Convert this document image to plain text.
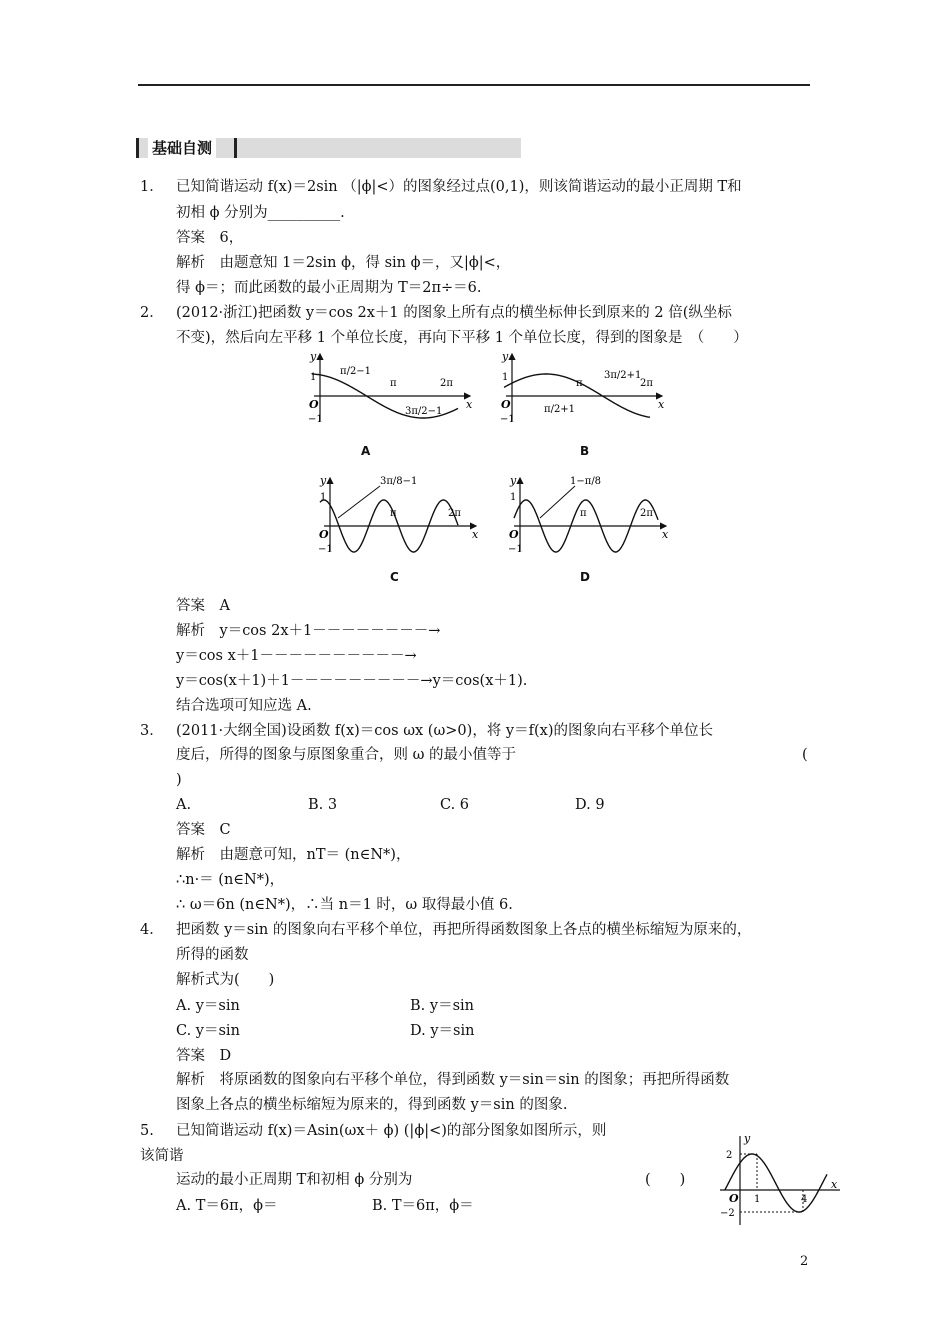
基础自测
1． 已知简谐运动 f(x)＝2sin （|ϕ|<）的图象经过点(0,1)，则该简谐运动的最小正周期 T和
初相 ϕ 分别为__________.
答案　6，
解析　由题意知 1＝2sin ϕ，得 sin ϕ＝，又|ϕ|<，
得 ϕ＝；而此函数的最小正周期为 T＝2π÷＝6.
2． (2012·浙江)把函数 y＝cos 2x＋1 的图象上所有点的横坐标伸长到原来的 2 倍(纵坐标
不变)，然后向左平移 1 个单位长度，再向下平移 1 个单位长度，得到的图象是　（　　）
y
x
O
−1
1
π/2−1
π
3π/2−1
2π
y
x
O
−1
1
π/2+1
π
3π/2+1
2π
y
x
O
−1
1
3π/8−1
π	2π
y
x
O
−1
1
1−π/8
π	2π
A	B
C	D
答案　A
解析　y＝cos 2x＋1－－－－－－－－→
y＝cos x＋1－－－－－－－－－－→
y＝cos(x＋1)＋1－－－－－－－－－→y＝cos(x＋1).
结合选项可知应选 A.
3． (2011·大纲全国)设函数 f(x)＝cos ωx (ω>0)，将 y＝f(x)的图象向右平移个单位长
度后，所得的图象与原图象重合，则 ω 的最小值等于	(
)
A.	B. 3	C. 6	D. 9
答案　C
解析　由题意可知，nT＝ (n∈N*)，
∴n·＝ (n∈N*)，
∴ ω＝6n (n∈N*)，∴当 n＝1 时，ω 取得最小值 6.
4． 把函数 y＝sin 的图象向右平移个单位，再把所得函数图象上各点的横坐标缩短为原来的，
所得的函数
解析式为(　　)
A. y＝sin	B. y＝sin
C. y＝sin	D. y＝sin
答案　D
解析　将原函数的图象向右平移个单位，得到函数 y＝sin＝sin 的图象；再把所得函数
图象上各点的横坐标缩短为原来的，得到函数 y＝sin 的图象.
5. 已知简谐运动 f(x)＝Asin(ωx＋ ϕ) (|ϕ|<)的部分图象如图所示，则
该简谐
运动的最小正周期 T和初相 ϕ 分别为	(　　)
A. T＝6π，ϕ＝	B. T＝6π，ϕ＝
y
x
O
2
−2
1	4
2
